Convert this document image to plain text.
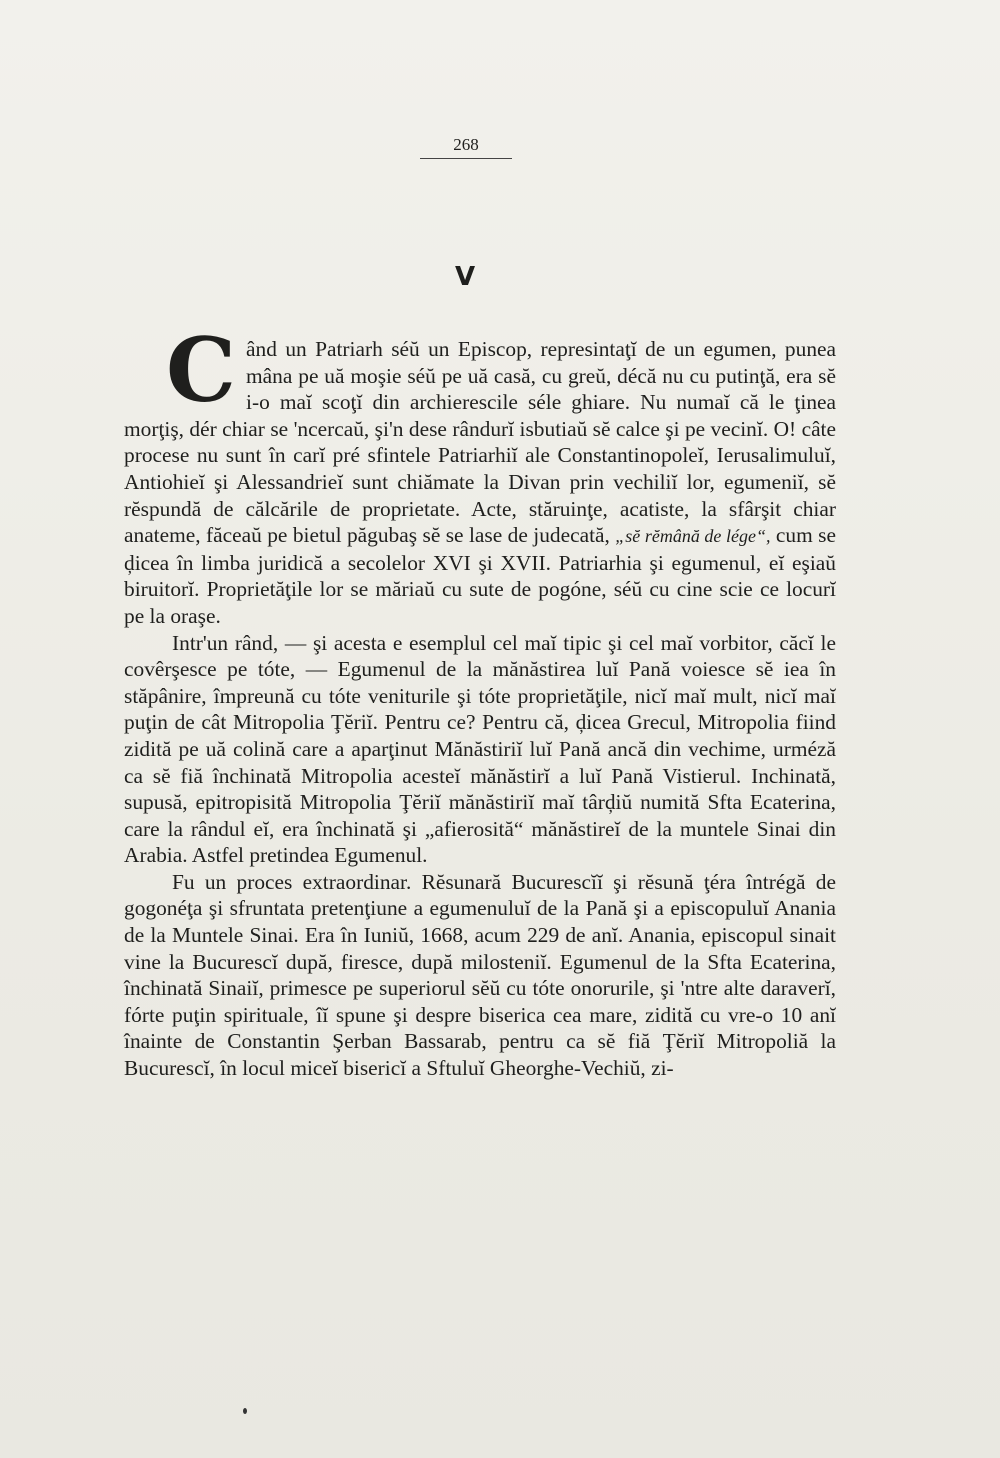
268
V

C ând un Patriarh séŭ un Episcop, represintaţĭ de un egumen, punea mâna pe uă moşie séŭ pe uă casă, cu greŭ, décă nu cu putinţă, era sĕ i-o maĭ scoţĭ din archierescile séle ghiare. Nu numaĭ că le ţinea morţiş, dér chiar se 'ncercaŭ, şi'n dese rândurĭ isbutiaŭ sĕ calce şi pe vecinĭ. O! câte procese nu sunt în carĭ pré sfintele Patriarhiĭ ale Constantinopoleĭ, Ierusalimuluĭ, Antiohieĭ şi Alessandrieĭ sunt chiămate la Divan prin vechiliĭ lor, egumeniĭ, sĕ rĕspundă de călcările de proprietate. Acte, stăruinţe, acatiste, la sfârşit chiar anateme, făceaŭ pe bietul păgubaş sĕ se lase de judecată, „sĕ rĕmână de lége“, cum se ḑicea în limba juridică a secolelor XVI şi XVII. Patriarhia şi egumenul, eĭ eşiaŭ biruitorĭ. Proprietăţile lor se măriaŭ cu sute de pogóne, séŭ cu cine scie ce locurĭ pe la oraşe.

Intr'un rând, — şi acesta e esemplul cel maĭ tipic şi cel maĭ vorbitor, căcĭ le covêrşesce pe tóte, — Egumenul de la mănăstirea luĭ Pană voiesce sĕ iea în stăpânire, împreună cu tóte veniturile şi tóte proprietăţile, nicĭ maĭ mult, nicĭ maĭ puţin de cât Mitropolia Ţĕriĭ. Pentru ce? Pentru că, ḑicea Grecul, Mitropolia fiind zidită pe uă colină care a aparţinut Mănăstiriĭ luĭ Pană ancă din vechime, urméză ca sĕ fiă închinată Mitropolia acesteĭ mănăstirĭ a luĭ Pană Vistierul. Inchinată, supusă, epitropisită Mitropolia Ţĕriĭ mănăstiriĭ maĭ târḑiŭ numită Sfta Ecaterina, care la rândul eĭ, era închinată şi „afierosită“ mănăstireĭ de la muntele Sinai din Arabia. Astfel pretindea Egumenul.

Fu un proces extraordinar. Rĕsunară Bucurescĭĭ şi rĕsună ţéra întrégă de gogonéţa şi sfruntata pretenţiune a egumenuluĭ de la Pană şi a episcopuluĭ Anania de la Muntele Sinai. Era în Iuniŭ, 1668, acum 229 de anĭ. Anania, episcopul sinait vine la Bucurescĭ după, firesce, după milosteniĭ. Egumenul de la Sfta Ecaterina, închinată Sinaiĭ, primesce pe superiorul sĕŭ cu tóte onorurile, şi 'ntre alte daraverĭ, fórte puţin spirituale, îĭ spune şi despre biserica cea mare, zidită cu vre-o 10 anĭ înainte de Constantin Şerban Bassarab, pentru ca sĕ fiă Ţĕriĭ Mitropoliă la Bucurescĭ, în locul miceĭ bisericĭ a Sftuluĭ Gheorghe-Vechiŭ, zi-
